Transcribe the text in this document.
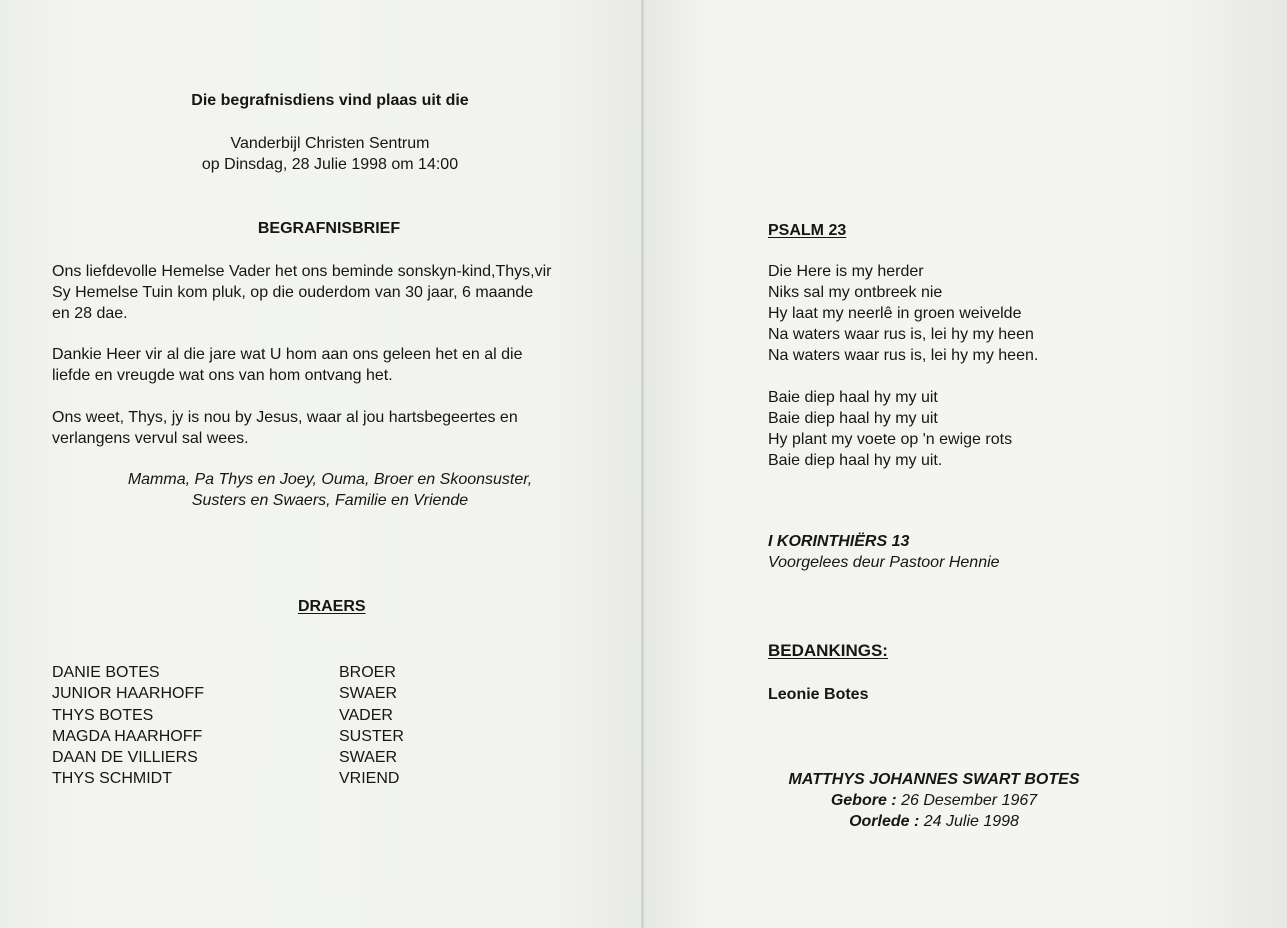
Die begrafnisdiens vind plaas uit die
Vanderbijl Christen Sentrum
op Dinsdag, 28 Julie 1998 om 14:00
BEGRAFNISBRIEF
Ons liefdevolle Hemelse Vader het ons beminde sonskyn-kind,Thys,vir
Sy Hemelse Tuin kom pluk, op die ouderdom van 30 jaar, 6 maande
en 28 dae.
Dankie Heer vir al die jare wat U hom aan ons geleen het en al die
liefde en vreugde wat ons van hom ontvang het.
Ons weet, Thys, jy is nou by Jesus, waar al jou hartsbegeertes en
verlangens vervul sal wees.
Mamma, Pa Thys en Joey, Ouma, Broer en Skoonsuster,
Susters en Swaers, Familie en Vriende
DRAERS
DANIE BOTES	BROER
JUNIOR HAARHOFF	SWAER
THYS BOTES	VADER
MAGDA HAARHOFF	SUSTER
DAAN DE VILLIERS	SWAER
THYS SCHMIDT	VRIEND
PSALM 23
Die Here is my herder
Niks sal my ontbreek nie
Hy laat my neerlê in groen weivelde
Na waters waar rus is, lei hy my heen
Na waters waar rus is, lei hy my heen.
Baie diep haal hy my uit
Baie diep haal hy my uit
Hy plant my voete op 'n ewige rots
Baie diep haal hy my uit.
I KORINTHIËRS 13
Voorgelees deur Pastoor Hennie
BEDANKINGS:
Leonie Botes
MATTHYS JOHANNES SWART BOTES
Gebore : 26 Desember 1967
Oorlede : 24 Julie 1998
